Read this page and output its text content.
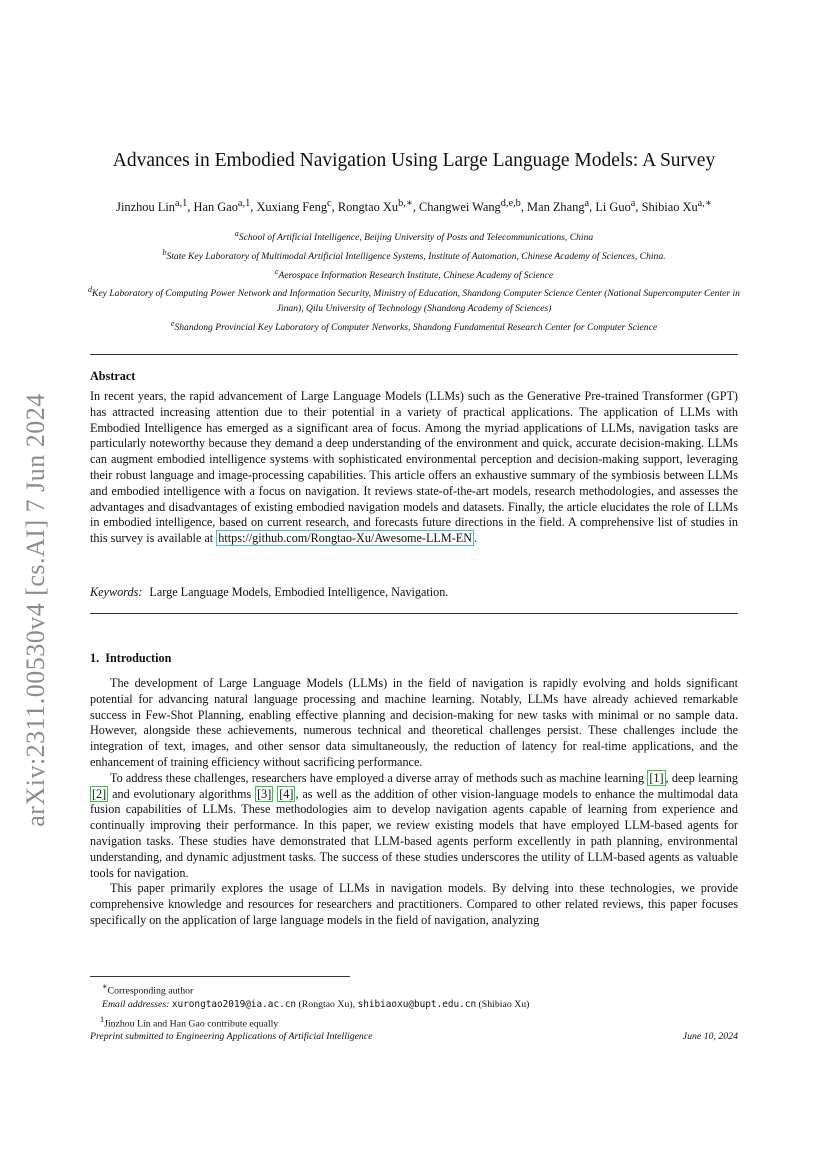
arXiv:2311.00530v4 [cs.AI] 7 Jun 2024
Advances in Embodied Navigation Using Large Language Models: A Survey
Jinzhou Lin$^{a,1}$, Han Gao$^{a,1}$, Xuxiang Feng$^c$, Rongtao $Xu^{b,∗}$, Changwei Wang$^{d,e,b}$, Man Zhang$^a$, Li Guo$^a$, Shibiao $Xu^{a,∗}$
$^a$School of Artificial Intelligence, Beijing University of Posts and Telecommunications, China
$^b$State Key Laboratory of Multimodal Artificial Intelligence Systems, Institute of Automation, Chinese Academy of Sciences, China.
$^c$Aerospace Information Research Institute, Chinese Academy of Science
$^d$Key Laboratory of Computing Power Network and Information Security, Ministry of Education, Shandong Computer Science Center (National Supercomputer Center in Jinan), Qilu University of Technology (Shandong Academy of Sciences)
$^e$Shandong Provincial Key Laboratory of Computer Networks, Shandong Fundamental Research Center for Computer Science
Abstract
In recent years, the rapid advancement of Large Language Models (LLMs) such as the Generative Pre-trained Transformer (GPT) has attracted increasing attention due to their potential in a variety of practical applications. The application of LLMs with Embodied Intelligence has emerged as a significant area of focus. Among the myriad applications of LLMs, navigation tasks are particularly noteworthy because they demand a deep understanding of the environment and quick, accurate decision-making. LLMs can augment embodied intelligence systems with sophisticated environmental perception and decision-making support, leveraging their robust language and image-processing capabilities. This article offers an exhaustive summary of the symbiosis between LLMs and embodied intelligence with a focus on navigation. It reviews state-of-the-art models, research methodologies, and assesses the advantages and disadvantages of existing embodied navigation models and datasets. Finally, the article elucidates the role of LLMs in embodied intelligence, based on current research, and forecasts future directions in the field. A comprehensive list of studies in this survey is available at https://github.com/Rongtao-Xu/Awesome-LLM-EN .
Keywords: Large Language Models, Embodied Intelligence, Navigation.
1. Introduction

The development of Large Language Models (LLMs) in the field of navigation is rapidly evolving and holds significant potential for advancing natural language processing and machine learning. Notably, LLMs have already achieved remarkable success in Few-Shot Planning, enabling effective planning and decision-making for new tasks with minimal or no sample data. However, alongside these achievements, numerous technical and theoretical challenges persist. These challenges include the integration of text, images, and other sensor data simultaneously, the reduction of latency for real-time applications, and the enhancement of training efficiency without sacrificing performance.

To address these challenges, researchers have employed a diverse array of methods such as machine learning [1] , deep learning [2] and evolutionary algorithms [3] [4] , as well as the addition of other vision-language models to enhance the multimodal data fusion capabilities of LLMs. These methodologies aim to develop navigation agents capable of learning from experience and continually improving their performance. In this paper, we review existing models that have employed LLM-based agents for navigation tasks. These studies have demonstrated that LLM-based agents perform excellently in path planning, environmental understanding, and dynamic adjustment tasks. The success of these studies underscores the utility of LLM-based agents as valuable tools for navigation.

This paper primarily explores the usage of LLMs in navigation models. By delving into these technologies, we provide comprehensive knowledge and resources for researchers and practitioners. Compared to other related reviews, this paper focuses specifically on the application of large language models in the field of navigation, analyzing

∗Corresponding author
Email addresses: xurongtao2019@ia.ac.cn (Rongtao Xu), shibiaoxu@bupt.edu.cn (Shibiao Xu)
$^1$Jinzhou Lin and Han Gao contribute equally
Preprint submitted to Engineering Applications of Artificial Intelligence	June 10, 2024
